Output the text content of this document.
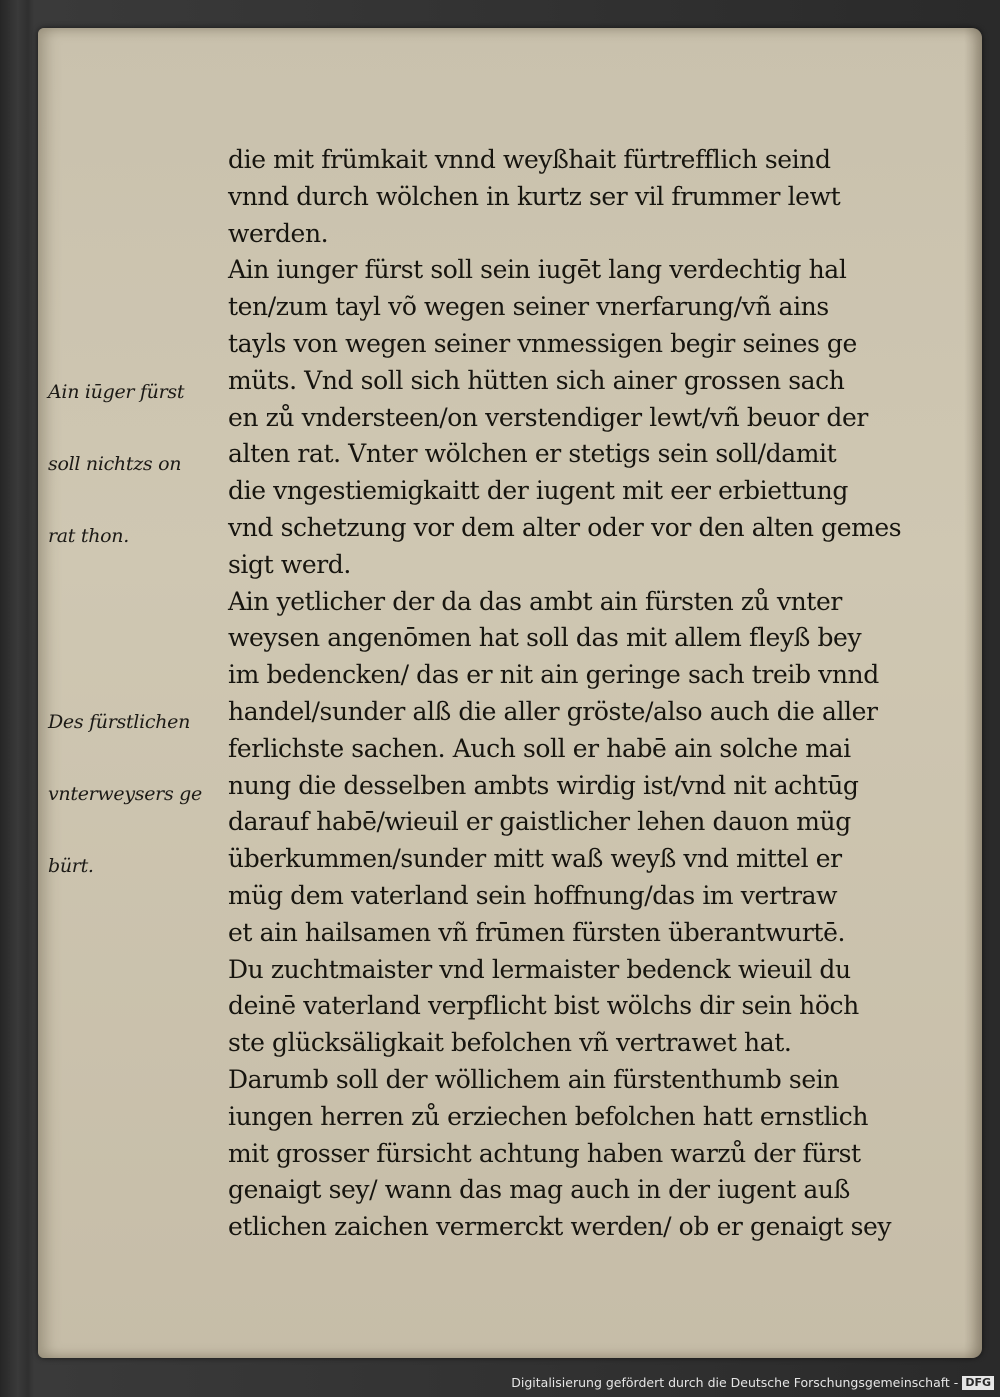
Ain iūger fürst

soll nichtzs on

rat thon.

Des fürstlichen

vnterweysers ge

bürt.

die mit frümkait vnnd weyßhait fürtrefflich seind
vnnd durch wölchen in kurtz ser vil frummer lewt
werden.
Ain iunger fürst soll sein iugēt lang verdechtig hal
ten/zum tayl võ wegen seiner vnerfarung/vñ ains
tayls von wegen seiner vnmessigen begir seines ge
müts. Vnd soll sich hütten sich ainer grossen sach
en zů vndersteen/on verstendiger lewt/vñ beuor der
alten rat. Vnter wölchen er stetigs sein soll/damit
die vngestiemigkaitt der iugent mit eer erbiettung
vnd schetzung vor dem alter oder vor den alten gemes
sigt werd.
Ain yetlicher der da das ambt ain fürsten zů vnter
weysen angenōmen hat soll das mit allem fleyß bey
im bedencken/ das er nit ain geringe sach treib vnnd
handel/sunder alß die aller gröste/also auch die aller
ferlichste sachen. Auch soll er habē ain solche mai
nung die desselben ambts wirdig ist/vnd nit achtūg
darauf habē/wieuil er gaistlicher lehen dauon müg
überkummen/sunder mitt waß weyß vnd mittel er
müg dem vaterland sein hoffnung/das im vertraw
et ain hailsamen vñ frūmen fürsten überantwurtē.
Du zuchtmaister vnd lermaister bedenck wieuil du
deinē vaterland verpflicht bist wölchs dir sein höch
ste glücksäligkait befolchen vñ vertrawet hat.
Darumb soll der wöllichem ain fürstenthumb sein
iungen herren zů erziechen befolchen hatt ernstlich
mit grosser fürsicht achtung haben warzů der fürst
genaigt sey/ wann das mag auch in der iugent auß
etlichen zaichen vermerckt werden/ ob er genaigt sey
Digitalisierung gefördert durch die Deutsche Forschungsgemeinschaft - DFG
